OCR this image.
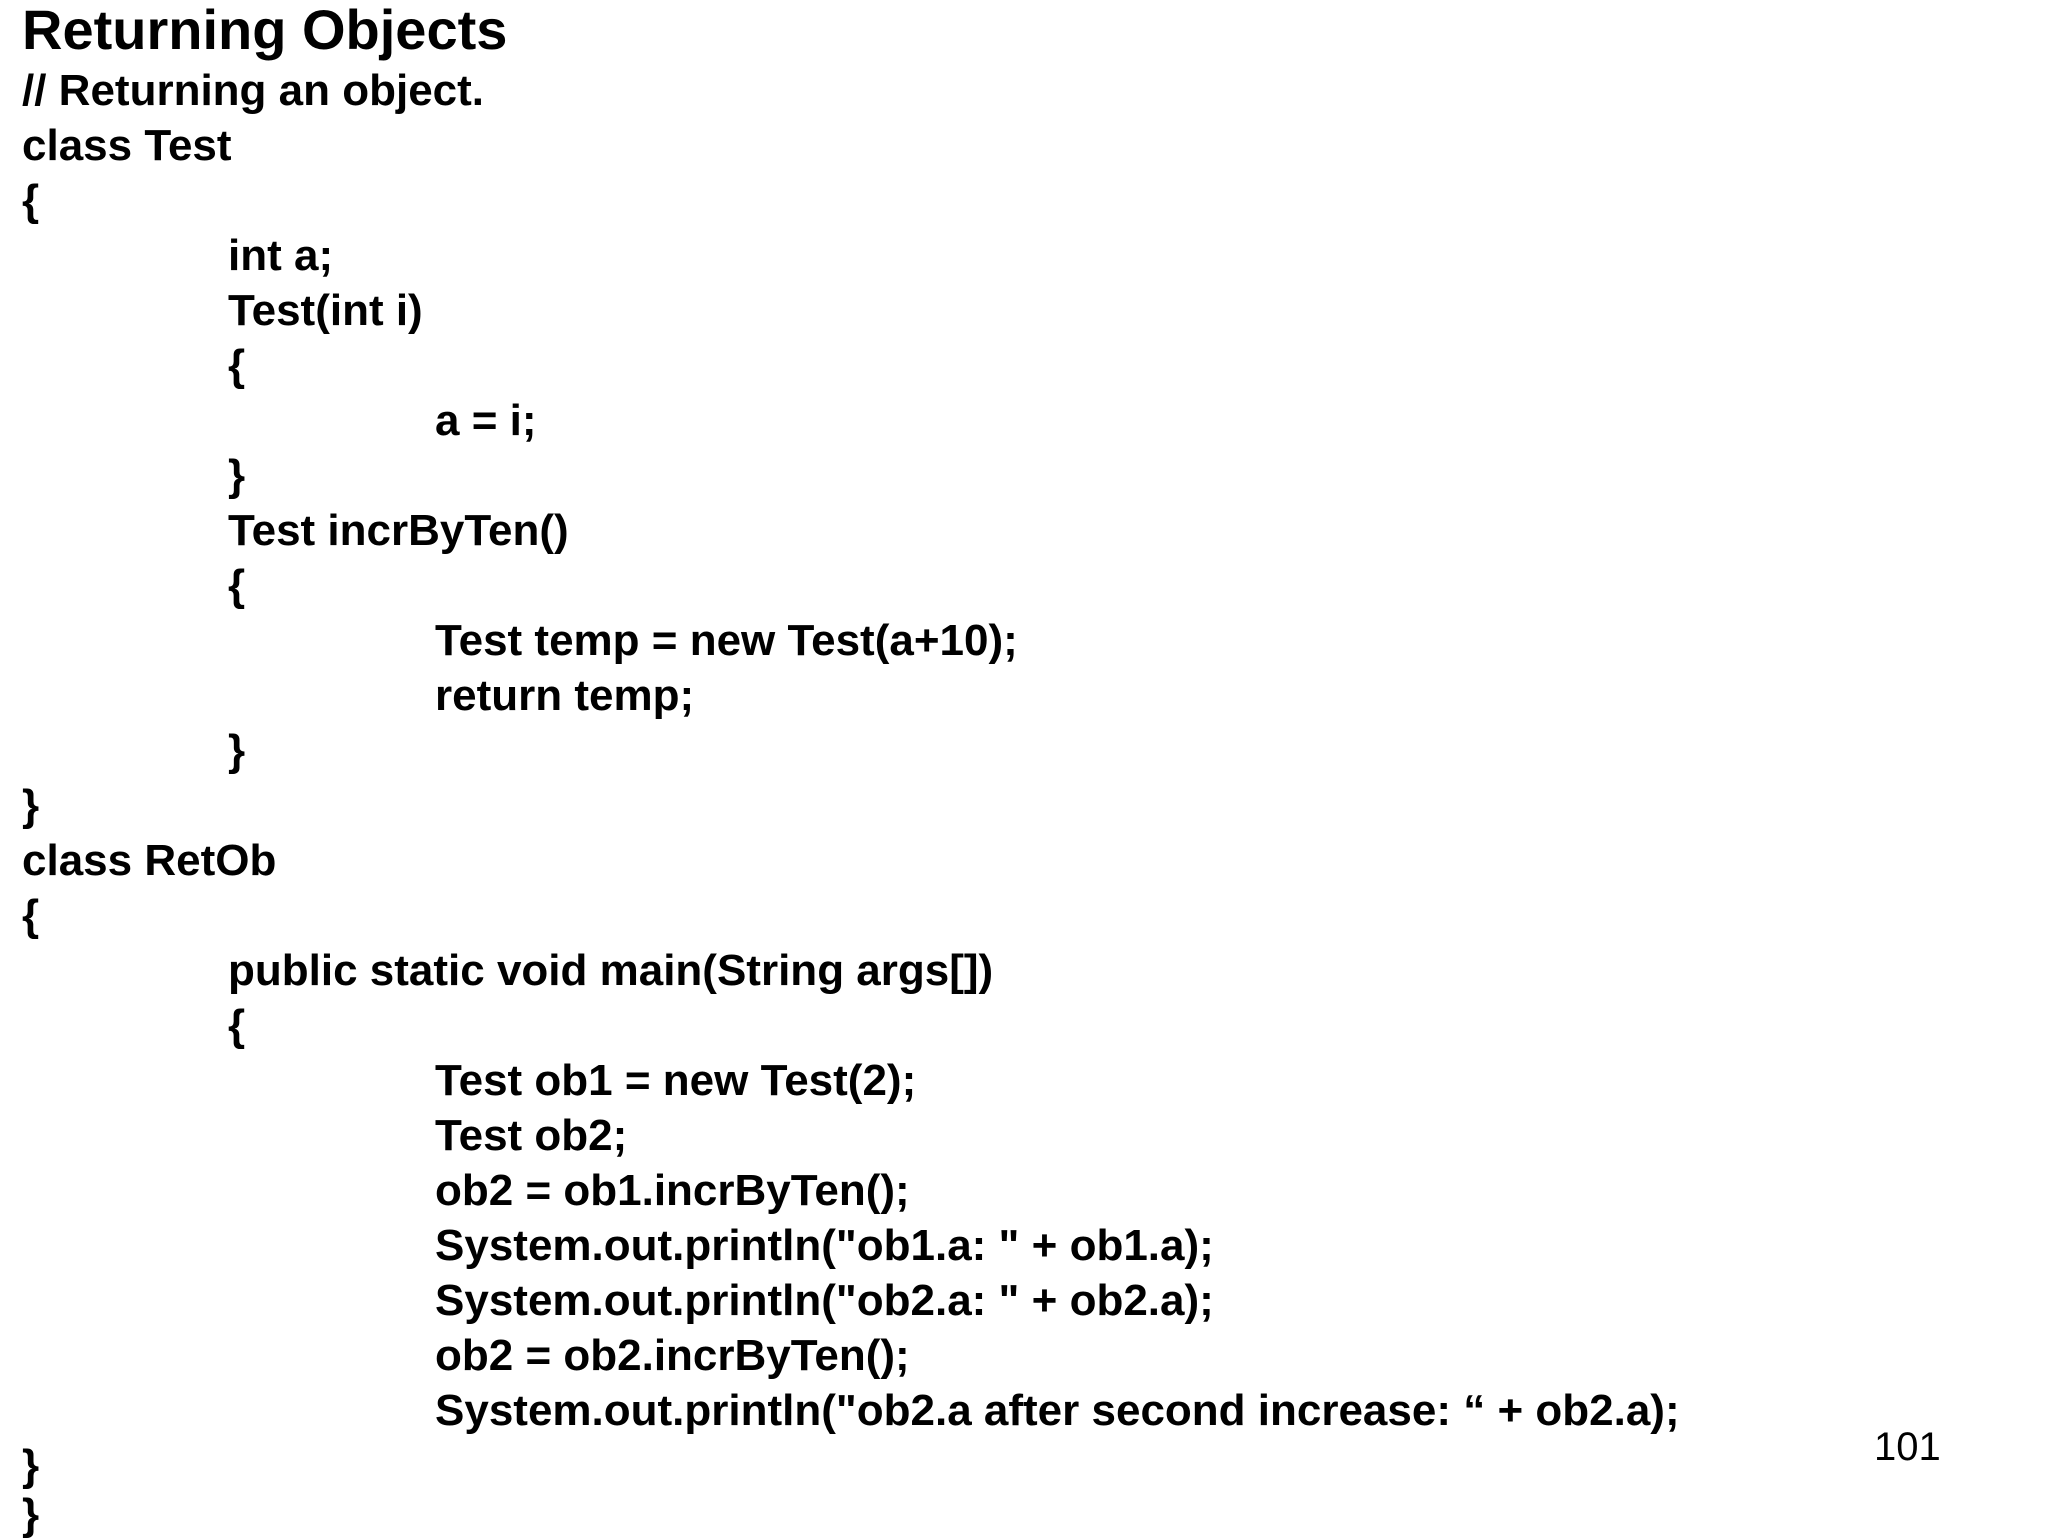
Returning Objects
// Returning an object.
class Test
{
int a;
Test(int i)
{
a = i;
}
Test incrByTen()
{
Test temp = new Test(a+10);
return temp;
}
}
class RetOb
{
public static void main(String args[])
{
Test ob1 = new Test(2);
Test ob2;
ob2 = ob1.incrByTen();
System.out.println("ob1.a: " + ob1.a);
System.out.println("ob2.a: " + ob2.a);
ob2 = ob2.incrByTen();
System.out.println("ob2.a after second increase: “ + ob2.a);
}
}
101
